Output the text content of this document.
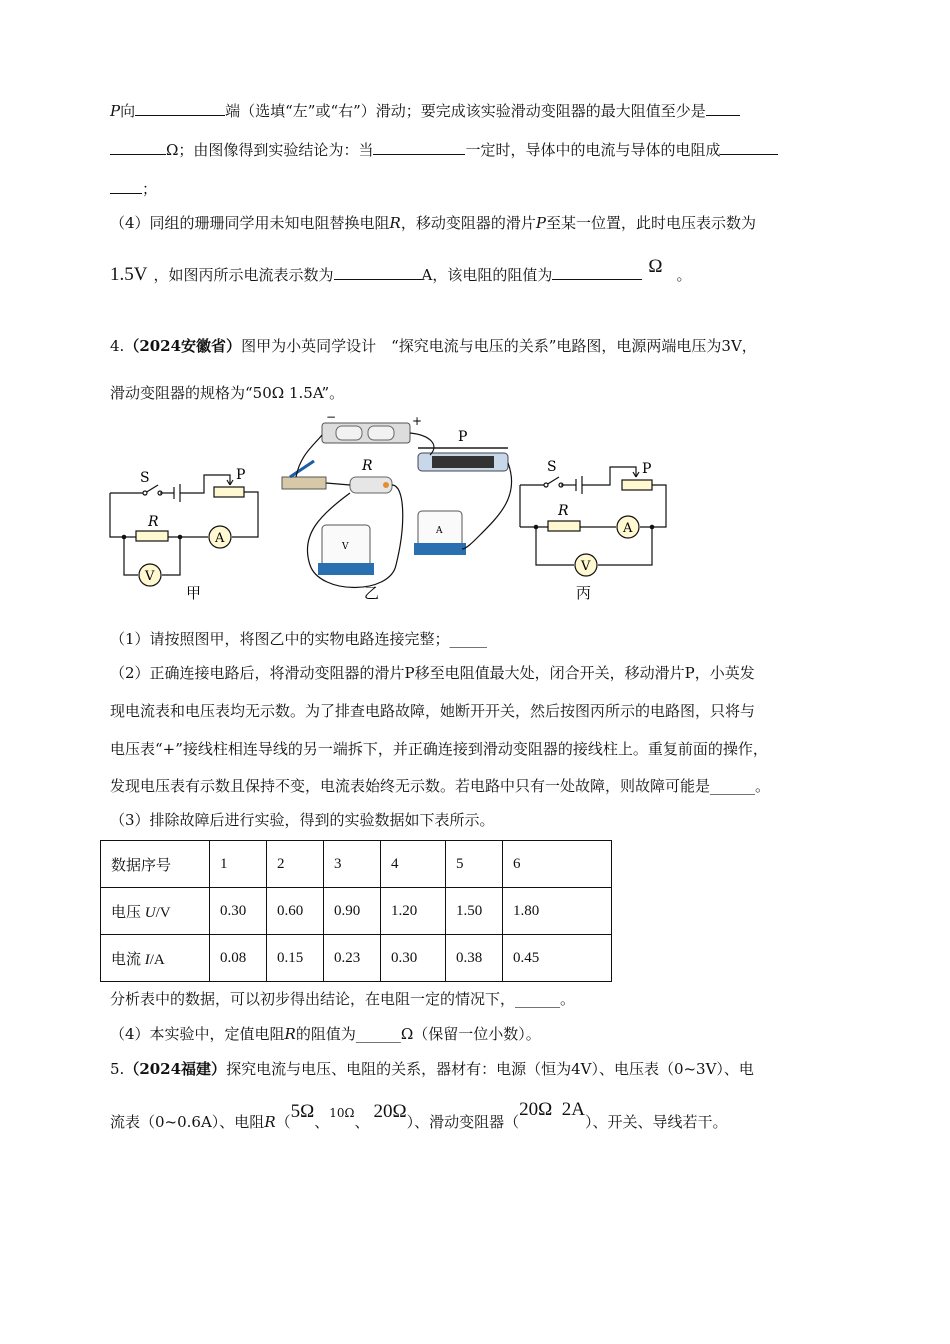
P向	端（选填“左”或“右”）滑动；要完成该实验滑动变阻器的最大阻值至少是
Ω；由图像得到实验结论为：当	一定时，导体中的电流与导体的电阻成
；
（4）同组的珊珊同学用未知电阻替换电阻R，移动变阻器的滑片P至某一位置，此时电压表示数为
1.5V ，如图丙所示电流表示数为	A，该电阻的阻值为	Ω 。
4.（2024安徽省）图甲为小英同学设计　“探究电流与电压的关系”电路图，电源两端电压为3V，
滑动变阻器的规格为“50Ω 1.5A”。
S	P
R
A
V
−	+
P
R
V
A
S	P
R
A
V
甲	乙	丙
（1）请按照图甲，将图乙中的实物电路连接完整；_____
（2）正确连接电路后，将滑动变阻器的滑片P移至电阻值最大处，闭合开关，移动滑片P，小英发
现电流表和电压表均无示数。为了排查电路故障，她断开开关，然后按图丙所示的电路图，只将与
电压表“+”接线柱相连导线的另一端拆下，并正确连接到滑动变阻器的接线柱上。重复前面的操作，
发现电压表有示数且保持不变，电流表始终无示数。若电路中只有一处故障，则故障可能是______。
（3）排除故障后进行实验，得到的实验数据如下表所示。
数据序号	1	2	3	4	5	6
电压 U/V	0.30	0.60	0.90	1.20	1.50	1.80
电流 I/A	0.08	0.15	0.23	0.30	0.38	0.45
分析表中的数据，可以初步得出结论，在电阻一定的情况下，______。
（4）本实验中，定值电阻R的阻值为______Ω（保留一位小数）。
5.（2024福建）探究电流与电压、电阻的关系，器材有：电源（恒为4V）、电压表（0~3V）、电
流表（0~0.6A）、电阻R（5Ω、$^{10\Omega}$、 20Ω）、滑动变阻器（20Ω  2A）、开关、导线若干。
